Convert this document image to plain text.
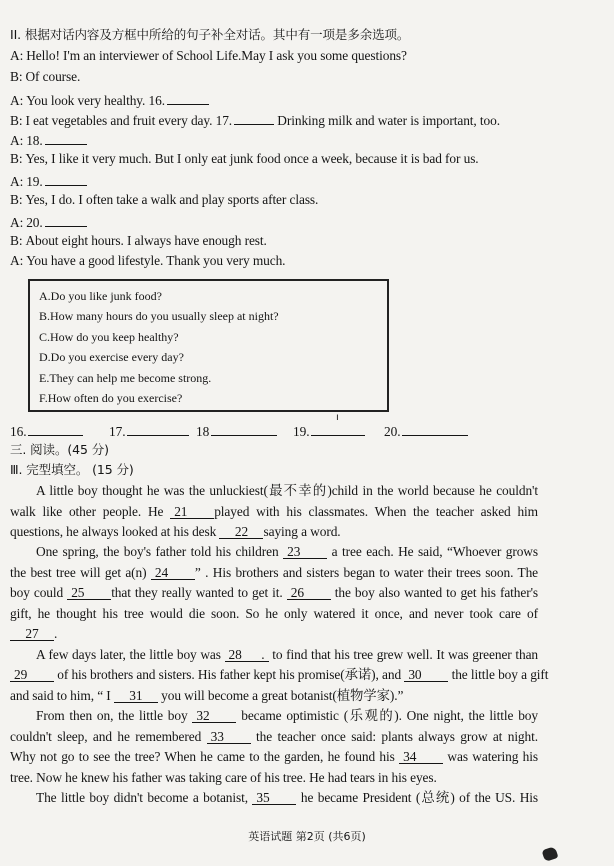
II. 根据对话内容及方框中所给的句子补全对话。其中有一项是多余选项。
A: Hello! I'm an interviewer of School Life.May I ask you some questions?
B: Of course.
A: You look very healthy. 16.
B: I eat vegetables and fruit every day. 17.	Drinking milk and water is important, too.
A: 18.
B: Yes, I like it very much. But I only eat junk food once a week, because it is bad for us.
A: 19.
B: Yes, I do. I often take a walk and play sports after class.
A: 20.
B: About eight hours. I always have enough rest.
A: You have a good lifestyle. Thank you very much.
A.Do you like junk food?
B.How many hours do you usually sleep at night?
C.How do you keep healthy?
D.Do you exercise every day?
E.They can help me become strong.
F.How often do you exercise?
16.	17.	18	19.	20.
ı
三. 阅读。(45 分)
Ⅲ. 完型填空。 (15 分)
A little boy thought he was the unluckiest(最不幸的)child in the world because he couldn't
walk like other people. He 21 played with his classmates. When the teacher asked him
questions, he always looked at his desk 22 saying a word.
One spring, the boy's father told his children 23 a tree each. He said, “Whoever grows
the best tree will get a(n) 24 ” . His brothers and sisters began to water their trees soon. The
boy could 25 that they really wanted to get it. 26 the boy also wanted to get his father's
gift, he thought his tree would die soon. So he only watered it once, and never took care of
27 .
A few days later, the little boy was 28 . to find that his tree grew well. It was greener than
29 of his brothers and sisters. His father kept his promise(承诺), and 30 the little boy a gift
and said to him, “ I 31 you will become a great botanist(植物学家).”
From then on, the little boy 32 became optimistic (乐观的). One night, the little boy
couldn't sleep, and he remembered 33 the teacher once said: plants always grow at night.
Why not go to see the tree? When he came to the garden, he found his 34 was watering his
tree. Now he knew his father was taking care of his tree. He had tears in his eyes.
The little boy didn't become a botanist, 35 he became President (总统) of the US. His
英语试题 第2页 (共6页)
